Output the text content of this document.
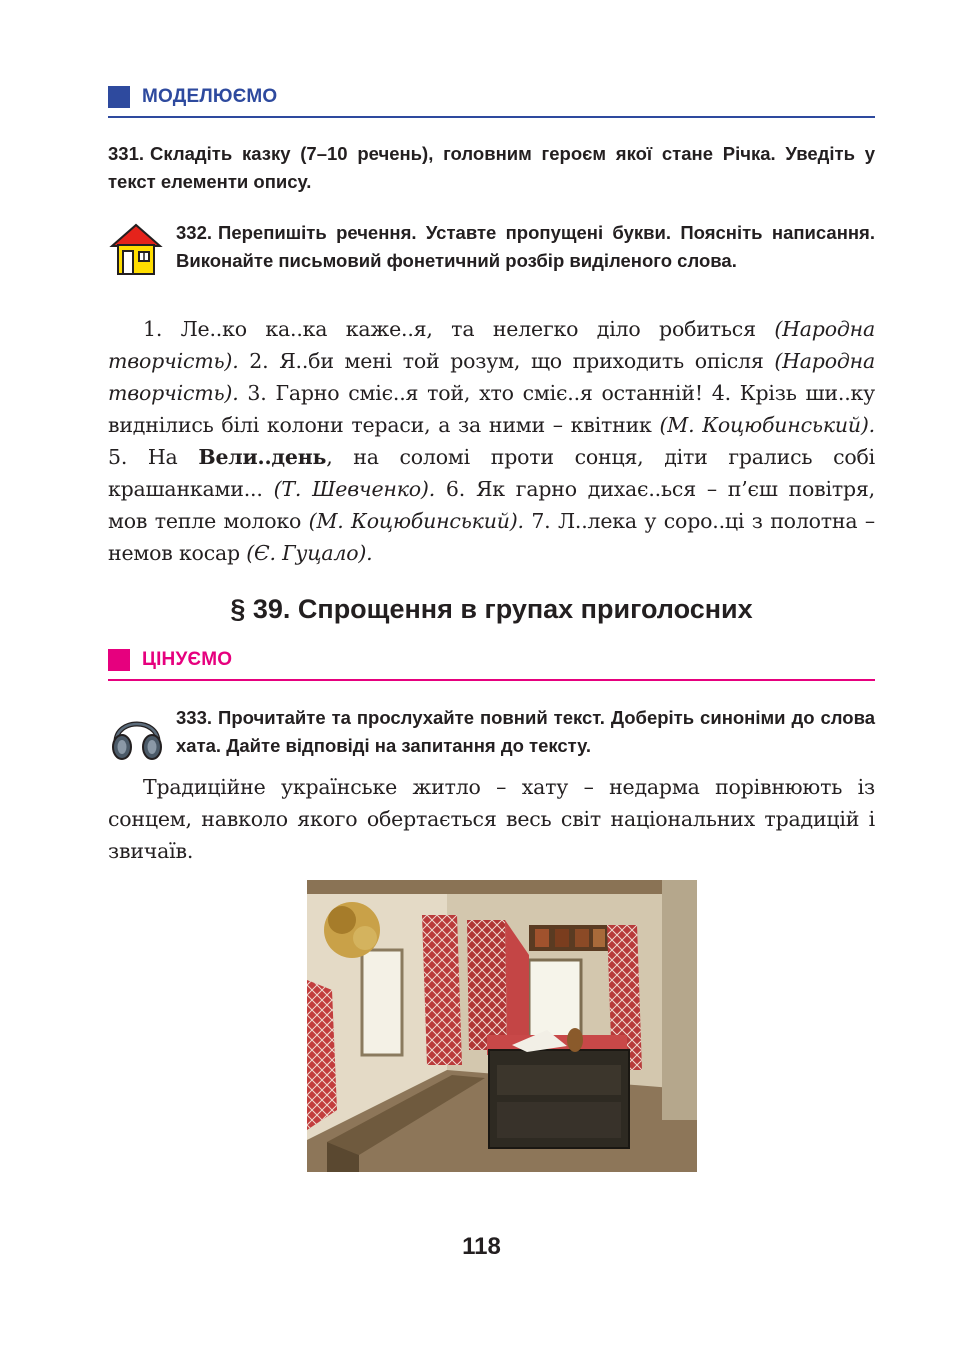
МОДЕЛЮЄМО
331. Складіть казку (7–10 речень), головним героєм якої стане Річка. Уведіть у текст елементи опису.
332. Перепишіть речення. Уставте пропущені букви. Поясніть написання. Виконайте письмовий фонетичний розбір виділеного слова.
1. Ле..ко ка..ка каже..я, та нелегко діло робиться (Народна творчість). 2. Я..би мені той розум, що приходить опісля (Народна творчість). 3. Гарно сміє..я той, хто сміє..я останній! 4. Крізь ши..ку виднілись білі колони тераси, а за ними – квітник (М. Коцюбинський). 5. На Вели..день, на соломі проти сонця, діти грались собі крашанками... (Т. Шевченко). 6. Як гарно дихає..ься – п’єш повітря, мов тепле молоко (М. Коцюбинський). 7. Л..лека у соро..ці з полотна – немов косар (Є. Гуцало).
§ 39. Спрощення в групах приголосних
ЦІНУЄМО
333. Прочитайте та прослухайте повний текст. Доберіть синоніми до слова хата. Дайте відповіді на запитання до тексту.
Традиційне українське житло – хату – недарма порівнюють із сонцем, навколо якого обертається весь світ національних традицій і звичаїв.
118
